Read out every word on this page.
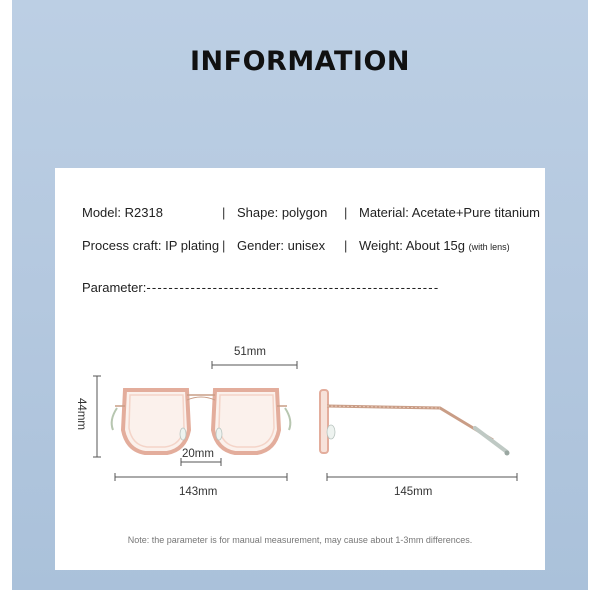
INFORMATION
Model: R2318	| Shape: polygon | Material: Acetate+Pure titanium
Process craft: IP plating | Gender: unisex | Weight: About 15g (with lens)
Parameter:-----------------------------------------------------
51mm
44mm
20mm
143mm	145mm
Note: the parameter is for manual measurement, may cause about 1-3mm differences.
